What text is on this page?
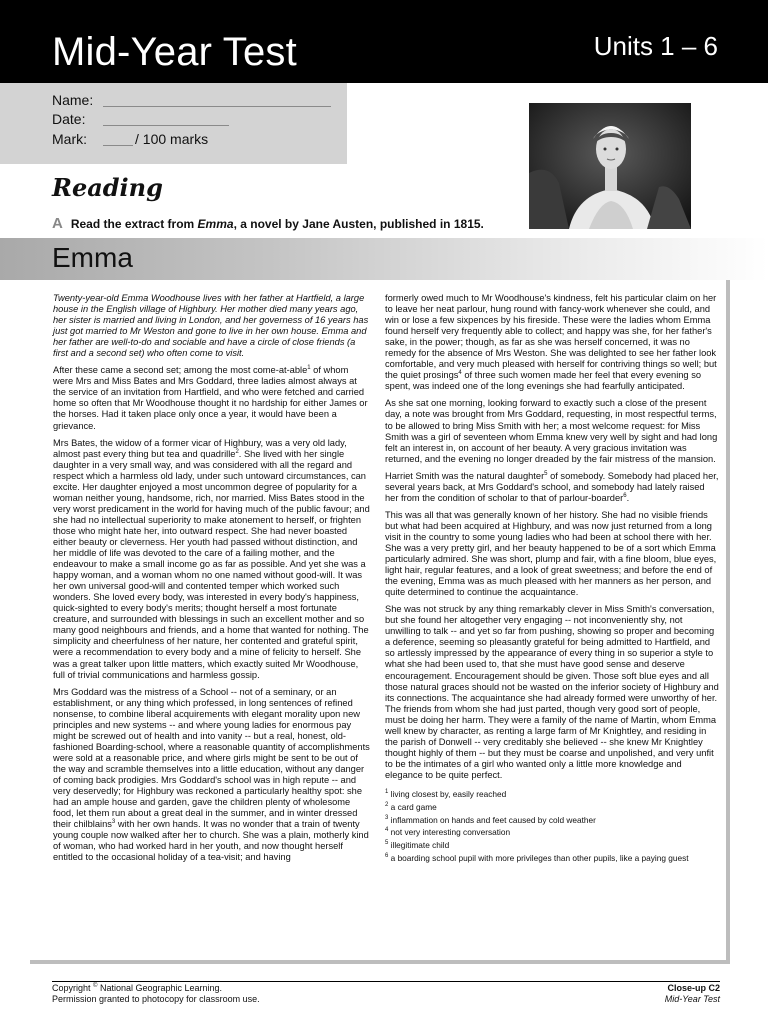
Mid-Year Test	Units 1 – 6
Name:
Date:
Mark:	/ 100 marks
Reading
A Read the extract from Emma, a novel by Jane Austen, published in 1815.
Emma

Twenty-year-old Emma Woodhouse lives with her father at Hartfield, a large house in the English village of Highbury. Her mother died many years ago, her sister is married and living in London, and her governess of 16 years has just got married to Mr Weston and gone to live in her own house. Emma and her father are well-to-do and sociable and have a circle of close friends (a first and a second set) who often come to visit.

After these came a second set; among the most come-at-able$^1$ of whom were Mrs and Miss Bates and Mrs Goddard, three ladies almost always at the service of an invitation from Hartfield, and who were fetched and carried home so often that Mr Woodhouse thought it no hardship for either James or the horses. Had it taken place only once a year, it would have been a grievance.

Mrs Bates, the widow of a former vicar of Highbury, was a very old lady, almost past every thing but tea and quadrille$^2$. She lived with her single daughter in a very small way, and was considered with all the regard and respect which a harmless old lady, under such untoward circumstances, can excite. Her daughter enjoyed a most uncommon degree of popularity for a woman neither young, handsome, rich, nor married. Miss Bates stood in the very worst predicament in the world for having much of the public favour; and she had no intellectual superiority to make atonement to herself, or frighten those who might hate her, into outward respect. She had never boasted either beauty or cleverness. Her youth had passed without distinction, and her middle of life was devoted to the care of a failing mother, and the endeavour to make a small income go as far as possible. And yet she was a happy woman, and a woman whom no one named without good-will. It was her own universal good-will and contented temper which worked such wonders. She loved every body, was interested in every body's happiness, quick-sighted to every body's merits; thought herself a most fortunate creature, and surrounded with blessings in such an excellent mother and so many good neighbours and friends, and a home that wanted for nothing. The simplicity and cheerfulness of her nature, her contented and grateful spirit, were a recommendation to every body and a mine of felicity to herself. She was a great talker upon little matters, which exactly suited Mr Woodhouse, full of trivial communications and harmless gossip.

Mrs Goddard was the mistress of a School -- not of a seminary, or an establishment, or any thing which professed, in long sentences of refined nonsense, to combine liberal acquirements with elegant morality upon new principles and new systems -- and where young ladies for enormous pay might be screwed out of health and into vanity -- but a real, honest, old-fashioned Boarding-school, where a reasonable quantity of accomplishments were sold at a reasonable price, and where girls might be sent to be out of the way and scramble themselves into a little education, without any danger of coming back prodigies. Mrs Goddard's school was in high repute -- and very deservedly; for Highbury was reckoned a particularly healthy spot: she had an ample house and garden, gave the children plenty of wholesome food, let them run about a great deal in the summer, and in winter dressed their chilblains$^3$ with her own hands. It was no wonder that a train of twenty young couple now walked after her to church. She was a plain, motherly kind of woman, who had worked hard in her youth, and now thought herself entitled to the occasional holiday of a tea-visit; and having

formerly owed much to Mr Woodhouse's kindness, felt his particular claim on her to leave her neat parlour, hung round with fancy-work whenever she could, and win or lose a few sixpences by his fireside. These were the ladies whom Emma found herself very frequently able to collect; and happy was she, for her father's sake, in the power; though, as far as she was herself concerned, it was no remedy for the absence of Mrs Weston. She was delighted to see her father look comfortable, and very much pleased with herself for contriving things so well; but the quiet prosings$^4$ of three such women made her feel that every evening so spent, was indeed one of the long evenings she had fearfully anticipated.

As she sat one morning, looking forward to exactly such a close of the present day, a note was brought from Mrs Goddard, requesting, in most respectful terms, to be allowed to bring Miss Smith with her; a most welcome request: for Miss Smith was a girl of seventeen whom Emma knew very well by sight and had long felt an interest in, on account of her beauty. A very gracious invitation was returned, and the evening no longer dreaded by the fair mistress of the mansion.

Harriet Smith was the natural daughter$^5$ of somebody. Somebody had placed her, several years back, at Mrs Goddard's school, and somebody had lately raised her from the condition of scholar to that of parlour-boarder$^6$.

This was all that was generally known of her history. She had no visible friends but what had been acquired at Highbury, and was now just returned from a long visit in the country to some young ladies who had been at school there with her. She was a very pretty girl, and her beauty happened to be of a sort which Emma particularly admired. She was short, plump and fair, with a fine bloom, blue eyes, light hair, regular features, and a look of great sweetness; and before the end of the evening, Emma was as much pleased with her manners as her person, and quite determined to continue the acquaintance.

She was not struck by any thing remarkably clever in Miss Smith's conversation, but she found her altogether very engaging -- not inconveniently shy, not unwilling to talk -- and yet so far from pushing, showing so proper and becoming a deference, seeming so pleasantly grateful for being admitted to Hartfield, and so artlessly impressed by the appearance of every thing in so superior a style to what she had been used to, that she must have good sense and deserve encouragement. Encouragement should be given. Those soft blue eyes and all those natural graces should not be wasted on the inferior society of Highbury and its connections. The acquaintance she had already formed were unworthy of her. The friends from whom she had just parted, though very good sort of people, must be doing her harm. They were a family of the name of Martin, whom Emma well knew by character, as renting a large farm of Mr Knightley, and residing in the parish of Donwell -- very creditably she believed -- she knew Mr Knightley thought highly of them -- but they must be coarse and unpolished, and very unfit to be the intimates of a girl who wanted only a little more knowledge and elegance to be quite perfect.

$^1$ living closest by, easily reached
$^2$ a card game
$^3$ inflammation on hands and feet caused by cold weather
$^4$ not very interesting conversation
$^5$ illegitimate child
$^6$ a boarding school pupil with more privileges than other pupils, like a paying guest
Copyright © National Geographic Learning.
Permission granted to photocopy for classroom use.
Close-up C2
Mid-Year Test
